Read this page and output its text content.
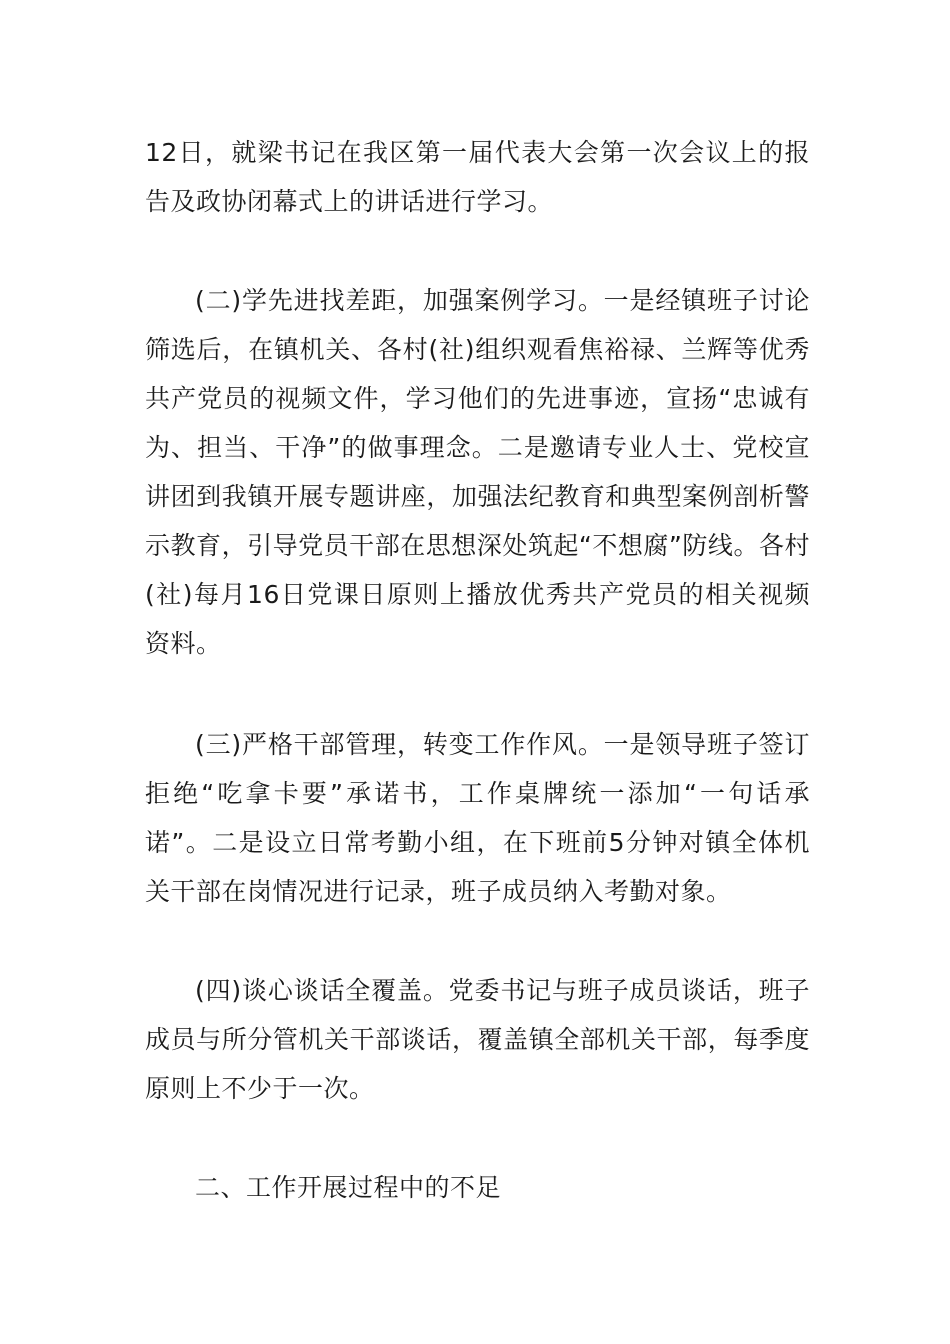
12日，就梁书记在我区第一届代表大会第一次会议上的报告及政协闭幕式上的讲话进行学习。

(二)学先进找差距，加强案例学习。一是经镇班子讨论筛选后，在镇机关、各村(社)组织观看焦裕禄、兰辉等优秀共产党员的视频文件，学习他们的先进事迹，宣扬“忠诚有为、担当、干净”的做事理念。二是邀请专业人士、党校宣讲团到我镇开展专题讲座，加强法纪教育和典型案例剖析警示教育，引导党员干部在思想深处筑起“不想腐”防线。各村(社)每月16日党课日原则上播放优秀共产党员的相关视频资料。

(三)严格干部管理，转变工作作风。一是领导班子签订拒绝“吃拿卡要”承诺书，工作桌牌统一添加“一句话承诺”。二是设立日常考勤小组，在下班前5分钟对镇全体机关干部在岗情况进行记录，班子成员纳入考勤对象。

(四)谈心谈话全覆盖。党委书记与班子成员谈话，班子成员与所分管机关干部谈话，覆盖镇全部机关干部，每季度原则上不少于一次。

二、工作开展过程中的不足
